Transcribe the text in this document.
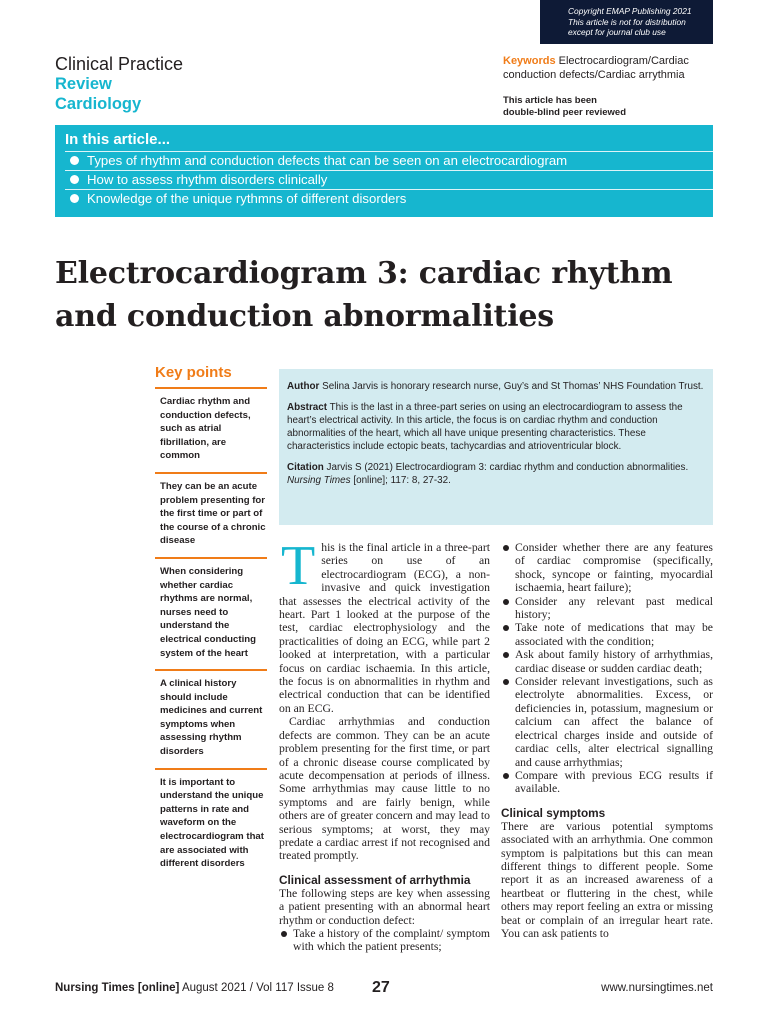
Copyright EMAP Publishing 2021
This article is not for distribution
except for journal club use
Clinical Practice
Review
Cardiology
Keywords Electrocardiogram/Cardiac conduction defects/Cardiac arrythmia
This article has been
double-blind peer reviewed
In this article...
Types of rhythm and conduction defects that can be seen on an electrocardiogram
How to assess rhythm disorders clinically
Knowledge of the unique rythmns of different disorders
Electrocardiogram 3: cardiac rhythm
and conduction abnormalities
Key points
Cardiac rhythm and conduction defects, such as atrial fibrillation, are common
They can be an acute problem presenting for the first time or part of the course of a chronic disease
When considering whether cardiac rhythms are normal, nurses need to understand the electrical conducting system of the heart
A clinical history should include medicines and current symptoms when assessing rhythm disorders
It is important to understand the unique patterns in rate and waveform on the electrocardiogram that are associated with different disorders

Author Selina Jarvis is honorary research nurse, Guy’s and St Thomas’ NHS Foundation Trust.

Abstract This is the last in a three-part series on using an electrocardiogram to assess the heart’s electrical activity. In this article, the focus is on cardiac rhythm and conduction abnormalities of the heart, which all have unique presenting characteristics. These characteristics include ectopic beats, tachycardias and atrioventricular block.

Citation Jarvis S (2021) Electrocardiogram 3: cardiac rhythm and conduction abnormalities. Nursing Times [online]; 117: 8, 27-32.

This is the final article in a three-part series on use of an electrocardiogram (ECG), a non-invasive and quick investigation that assesses the electrical activity of the heart. Part 1 looked at the purpose of the test, cardiac electrophysiology and the practicalities of doing an ECG, while part 2 looked at interpretation, with a particular focus on cardiac ischaemia. In this article, the focus is on abnormalities in rhythm and electrical conduction that can be identified on an ECG.

Cardiac arrhythmias and conduction defects are common. They can be an acute problem presenting for the first time, or part of a chronic disease course complicated by acute decompensation at periods of illness. Some arrhythmias may cause little to no symptoms and are fairly benign, while others are of greater concern and may lead to serious symptoms; at worst, they may predate a cardiac arrest if not recognised and treated promptly.

Clinical assessment of arrhythmia

The following steps are key when assessing a patient presenting with an abnormal heart rhythm or conduction defect:

Take a history of the complaint/ symptom with which the patient presents;
Consider whether there are any features of cardiac compromise (specifically, shock, syncope or fainting, myocardial ischaemia, heart failure);
Consider any relevant past medical history;
Take note of medications that may be associated with the condition;
Ask about family history of arrhythmias, cardiac disease or sudden cardiac death;
Consider relevant investigations, such as electrolyte abnormalities. Excess, or deficiencies in, potassium, magnesium or calcium can affect the balance of electrical charges inside and outside of cardiac cells, alter electrical signalling and cause arrhythmias;
Compare with previous ECG results if available.
Clinical symptoms

There are various potential symptoms associated with an arrhythmia. One common symptom is palpitations but this can mean different things to different people. Some report it as an increased awareness of a heartbeat or fluttering in the chest, while others may report feeling an extra or missing beat or complain of an irregular heart rate. You can ask patients to

Nursing Times [online] August 2021 / Vol 117 Issue 8 27	www.nursingtimes.net
